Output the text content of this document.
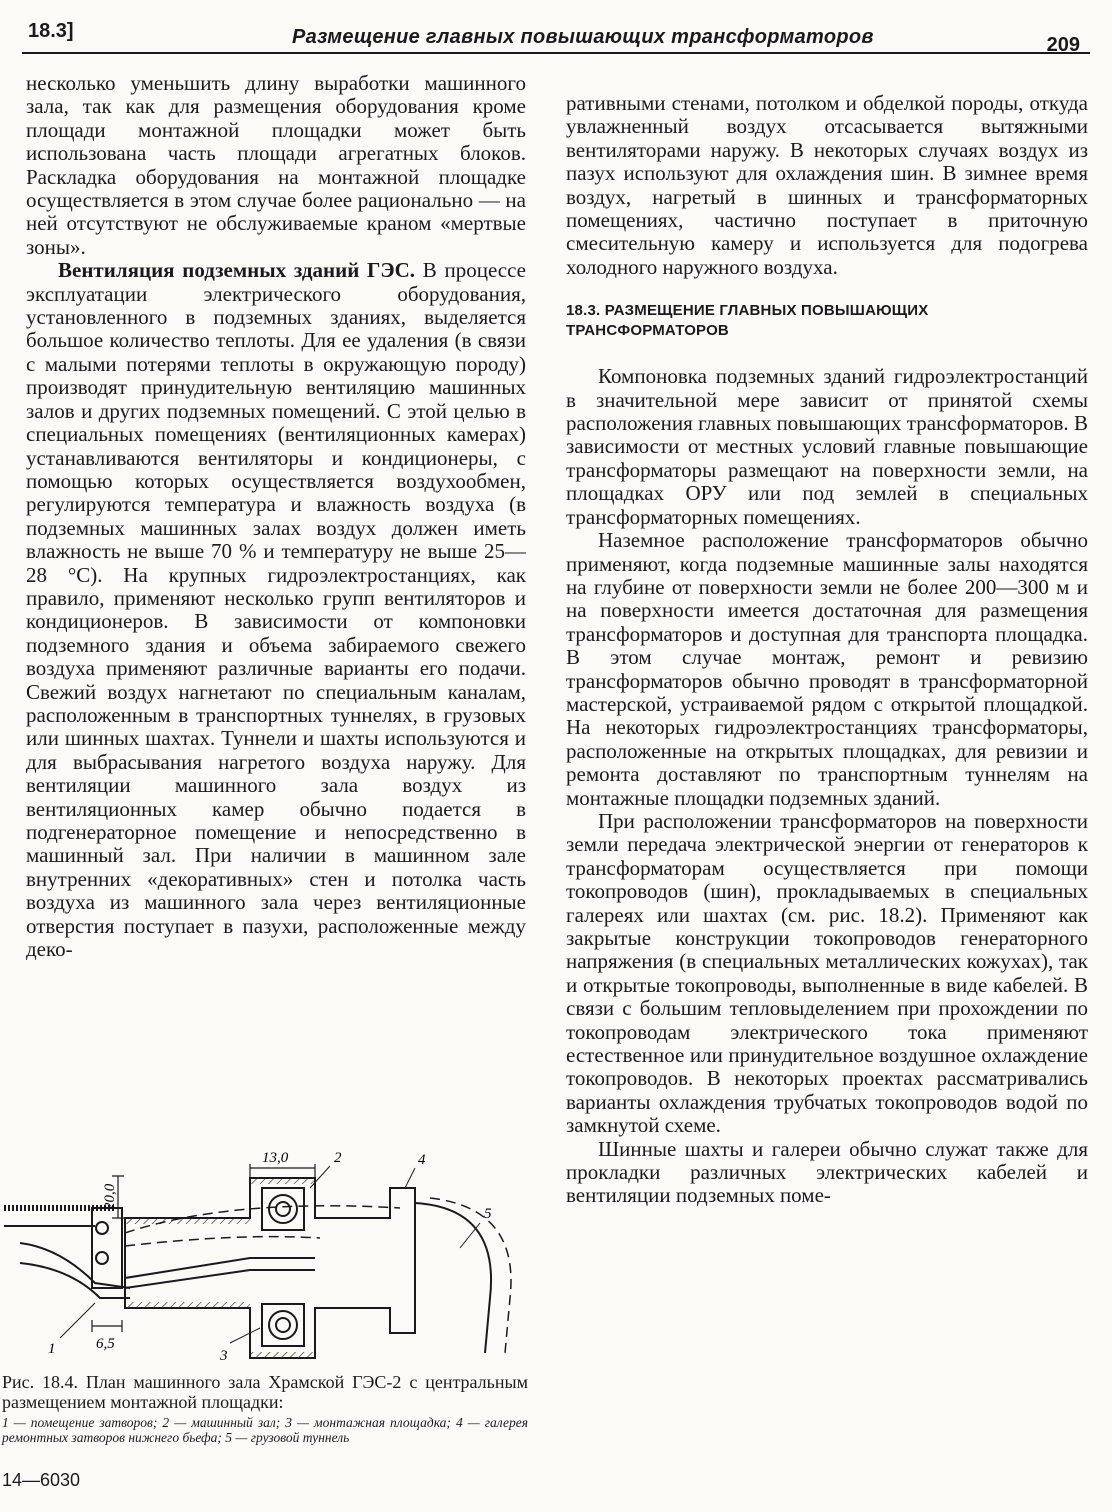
18.3]	Размещение главных повышающих трансформаторов	209

несколько уменьшить длину выработки машинного зала, так как для размещения оборудования кроме площади монтажной площадки может быть использована часть площади агрегатных блоков. Раскладка оборудования на монтажной площадке осуществляется в этом случае более рационально — на ней отсутствуют не обслуживаемые краном «мертвые зоны».

Вентиляция подземных зданий ГЭС. В процессе эксплуатации электрического оборудования, установленного в подземных зданиях, выделяется большое количество теплоты. Для ее удаления (в связи с малыми потерями теплоты в окружающую породу) производят принудительную вентиляцию машинных залов и других подземных помещений. С этой целью в специальных помещениях (вентиляционных камерах) устанавливаются вентиляторы и кондиционеры, с помощью которых осуществляется воздухообмен, регулируются температура и влажность воздуха (в подземных машинных залах воздух должен иметь влажность не выше 70 % и температуру не выше 25—28 °С). На крупных гидроэлектростанциях, как правило, применяют несколько групп вентиляторов и кондиционеров. В зависимости от компоновки подземного здания и объема забираемого свежего воздуха применяют различные варианты его подачи. Свежий воздух нагнетают по специальным каналам, расположенным в транспортных туннелях, в грузовых или шинных шахтах. Туннели и шахты используются и для выбрасывания нагретого воздуха наружу. Для вентиляции машинного зала воздух из вентиляционных камер обычно подается в подгенераторное помещение и непосредственно в машинный зал. При наличии в машинном зале внутренних «декоративных» стен и потолка часть воздуха из машинного зала через вентиляционные отверстия поступает в пазухи, расположенные между деко-

ративными стенами, потолком и обделкой породы, откуда увлажненный воздух отсасывается вытяжными вентиляторами наружу. В некоторых случаях воздух из пазух используют для охлаждения шин. В зимнее время воздух, нагретый в шинных и трансформаторных помещениях, частично поступает в приточную смесительную камеру и используется для подогрева холодного наружного воздуха.

18.3. РАЗМЕЩЕНИЕ ГЛАВНЫХ ПОВЫШАЮЩИХ ТРАНСФОРМАТОРОВ

Компоновка подземных зданий гидроэлектростанций в значительной мере зависит от принятой схемы расположения главных повышающих трансформаторов. В зависимости от местных условий главные повышающие трансформаторы размещают на поверхности земли, на площадках ОРУ или под землей в специальных трансформаторных помещениях.

Наземное расположение трансформаторов обычно применяют, когда подземные машинные залы находятся на глубине от поверхности земли не более 200—300 м и на поверхности имеется достаточная для размещения трансформаторов и доступная для транспорта площадка. В этом случае монтаж, ремонт и ревизию трансформаторов обычно проводят в трансформаторной мастерской, устраиваемой рядом с открытой площадкой. На некоторых гидроэлектростанциях трансформаторы, расположенные на открытых площадках, для ревизии и ремонта доставляют по транспортным туннелям на монтажные площадки подземных зданий.

При расположении трансформаторов на поверхности земли передача электрической энергии от генераторов к трансформаторам осуществляется при помощи токопроводов (шин), прокладываемых в специальных галереях или шахтах (см. рис. 18.2). Применяют как закрытые конструкции токопроводов генераторного напряжения (в специальных металлических кожухах), так и открытые токопроводы, выполненные в виде кабелей. В связи с большим тепловыделением при прохождении по токопроводам электрического тока применяют естественное или принудительное воздушное охлаждение токопроводов. В некоторых проектах рассматривались варианты охлаждения трубчатых токопроводов водой по замкнутой схеме.

Шинные шахты и галереи обычно служат также для прокладки различных электрических кабелей и вентиляции подземных поме-

13,0
20,0
6,5
1
2
3
4
5
Рис. 18.4. План машинного зала Храмской ГЭС-2 с центральным размещением монтажной площадки:
1 — помещение затворов; 2 — машинный зал; 3 — монтажная площадка; 4 — галерея ремонтных затворов нижнего бьефа; 5 — грузовой туннель
14—6030
